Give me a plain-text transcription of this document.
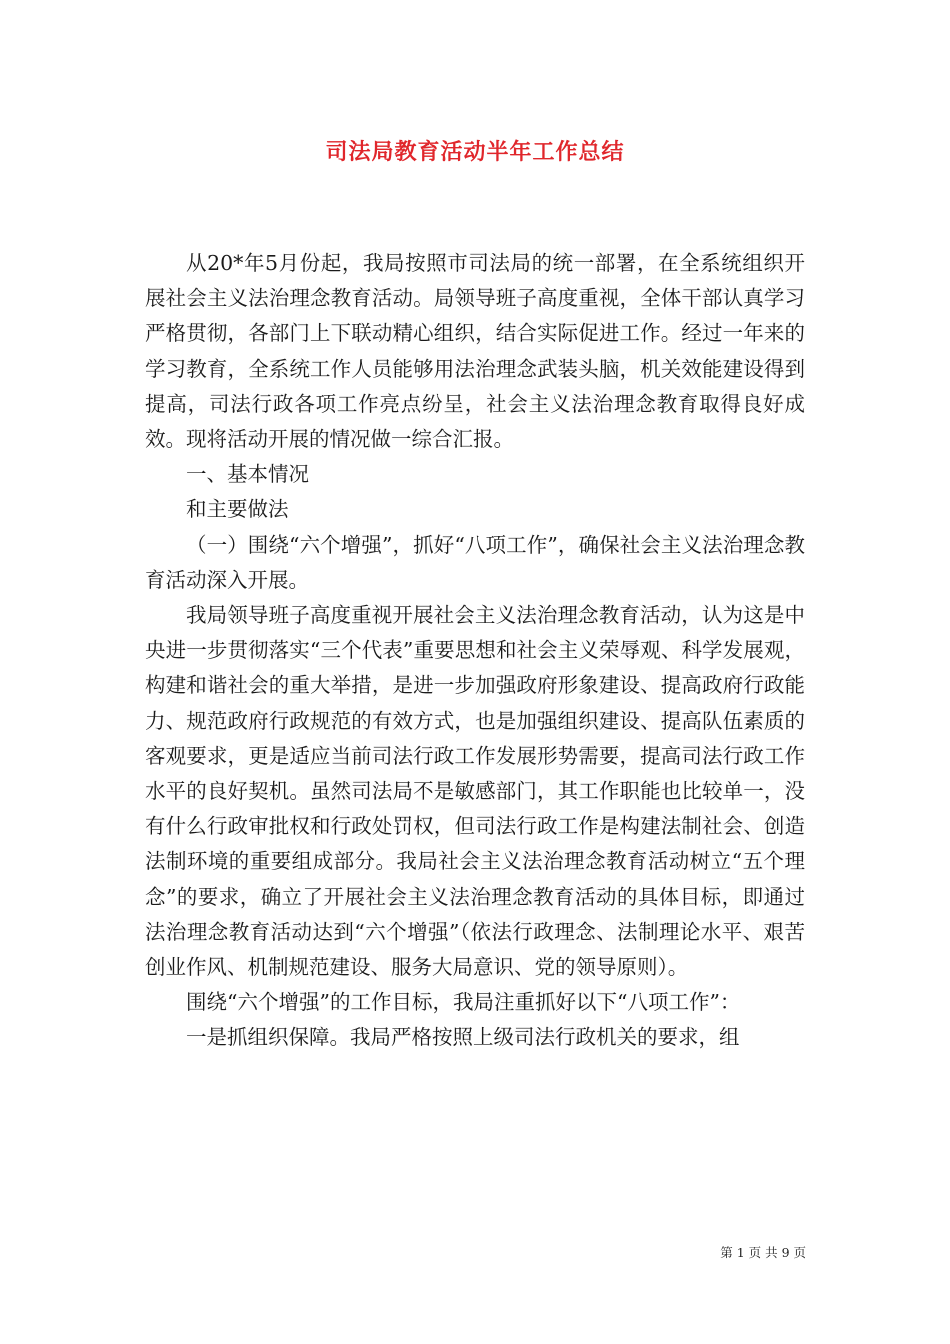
司法局教育活动半年工作总结

从20*年5月份起，我局按照市司法局的统一部署，在全系统组织开展社会主义法治理念教育活动。局领导班子高度重视，全体干部认真学习严格贯彻，各部门上下联动精心组织，结合实际促进工作。经过一年来的学习教育，全系统工作人员能够用法治理念武装头脑，机关效能建设得到提高，司法行政各项工作亮点纷呈，社会主义法治理念教育取得良好成效。现将活动开展的情况做一综合汇报。

一、基本情况

和主要做法

（一）围绕“六个增强”，抓好“八项工作”，确保社会主义法治理念教育活动深入开展。

我局领导班子高度重视开展社会主义法治理念教育活动，认为这是中央进一步贯彻落实“三个代表”重要思想和社会主义荣辱观、科学发展观，构建和谐社会的重大举措，是进一步加强政府形象建设、提高政府行政能力、规范政府行政规范的有效方式，也是加强组织建设、提高队伍素质的客观要求，更是适应当前司法行政工作发展形势需要，提高司法行政工作水平的良好契机。虽然司法局不是敏感部门，其工作职能也比较单一，没有什么行政审批权和行政处罚权，但司法行政工作是构建法制社会、创造法制环境的重要组成部分。我局社会主义法治理念教育活动树立“五个理念”的要求，确立了开展社会主义法治理念教育活动的具体目标，即通过法治理念教育活动达到“六个增强”（依法行政理念、法制理论水平、艰苦创业作风、机制规范建设、服务大局意识、党的领导原则）。

围绕“六个增强”的工作目标，我局注重抓好以下“八项工作”：

一是抓组织保障。我局严格按照上级司法行政机关的要求，组

第 1 页 共 9 页
